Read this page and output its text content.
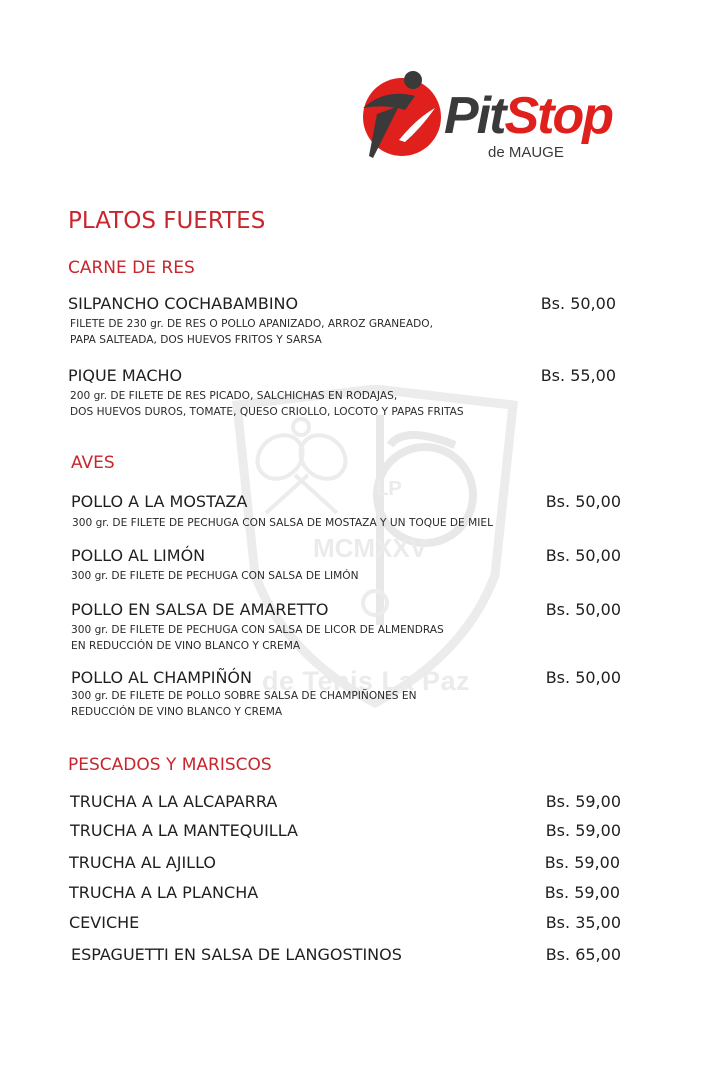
MCMXXV
LP
de Tenis La Paz
PitStop
de MAUGE
PLATOS FUERTES
CARNE DE RES
SILPANCHO COCHABAMBINO	Bs. 50,00
FILETE DE 230 gr. DE RES O POLLO APANIZADO, ARROZ GRANEADO,
PAPA SALTEADA, DOS HUEVOS FRITOS Y SARSA
PIQUE MACHO	Bs. 55,00
200 gr. DE FILETE DE RES PICADO, SALCHICHAS EN RODAJAS,
DOS HUEVOS DUROS, TOMATE, QUESO CRIOLLO, LOCOTO Y PAPAS FRITAS
AVES
POLLO A LA MOSTAZA	Bs. 50,00
300 gr. DE FILETE DE PECHUGA CON SALSA DE MOSTAZA Y UN TOQUE DE MIEL
POLLO AL LIMÓN	Bs. 50,00
300 gr. DE FILETE DE PECHUGA CON SALSA DE LIMÓN
POLLO EN SALSA DE AMARETTO	Bs. 50,00
300 gr. DE FILETE DE PECHUGA CON SALSA DE LICOR DE ALMENDRAS
EN REDUCCIÓN DE VINO BLANCO Y CREMA
POLLO AL CHAMPIÑÓN	Bs. 50,00
300 gr. DE FILETE DE POLLO SOBRE SALSA DE CHAMPIÑONES EN
REDUCCIÓN DE VINO BLANCO Y CREMA
PESCADOS Y MARISCOS
TRUCHA A LA ALCAPARRA	Bs. 59,00
TRUCHA A LA MANTEQUILLA	Bs. 59,00
TRUCHA AL AJILLO	Bs. 59,00
TRUCHA A LA PLANCHA	Bs. 59,00
CEVICHE	Bs. 35,00
ESPAGUETTI EN SALSA DE LANGOSTINOS	Bs. 65,00
